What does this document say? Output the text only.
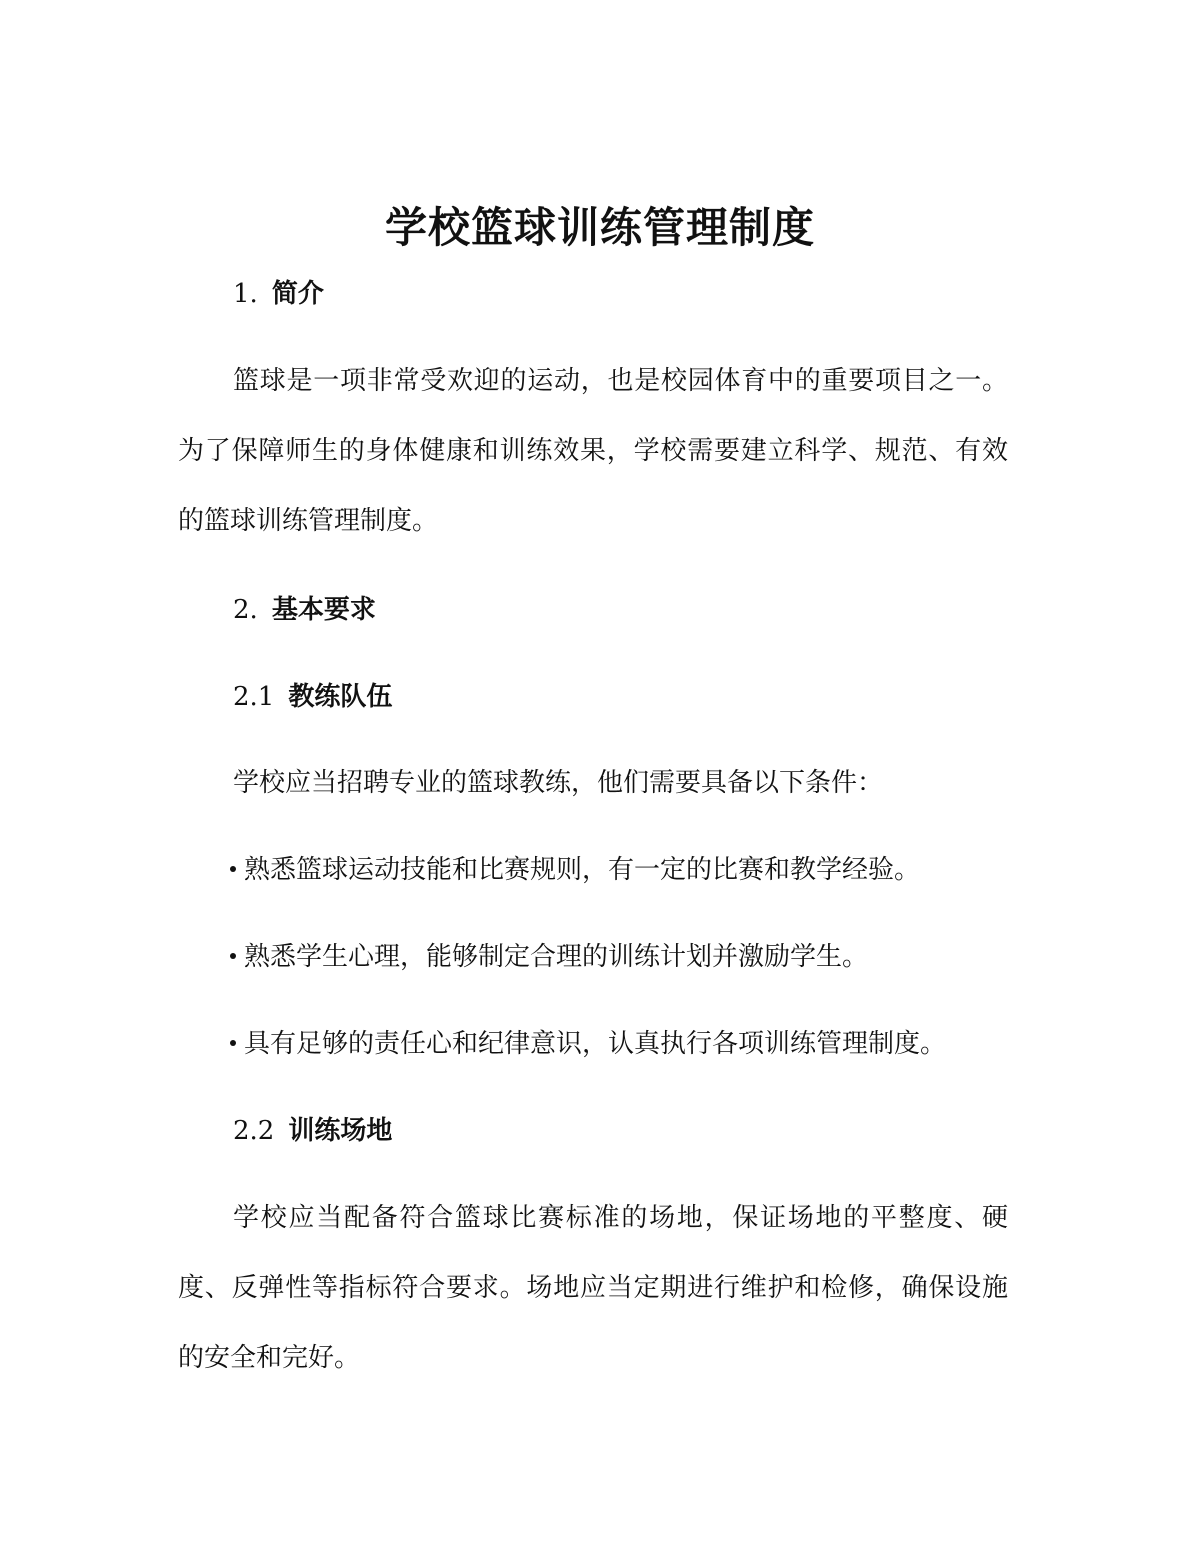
学校篮球训练管理制度
1. 简介
篮球是一项非常受欢迎的运动，也是校园体育中的重要项目之一。为了保障师生的身体健康和训练效果，学校需要建立科学、规范、有效的篮球训练管理制度。
2. 基本要求
2.1 教练队伍
学校应当招聘专业的篮球教练，他们需要具备以下条件：
熟悉篮球运动技能和比赛规则，有一定的比赛和教学经验。
熟悉学生心理，能够制定合理的训练计划并激励学生。
具有足够的责任心和纪律意识，认真执行各项训练管理制度。
2.2 训练场地
学校应当配备符合篮球比赛标准的场地，保证场地的平整度、硬度、反弹性等指标符合要求。场地应当定期进行维护和检修，确保设施的安全和完好。
